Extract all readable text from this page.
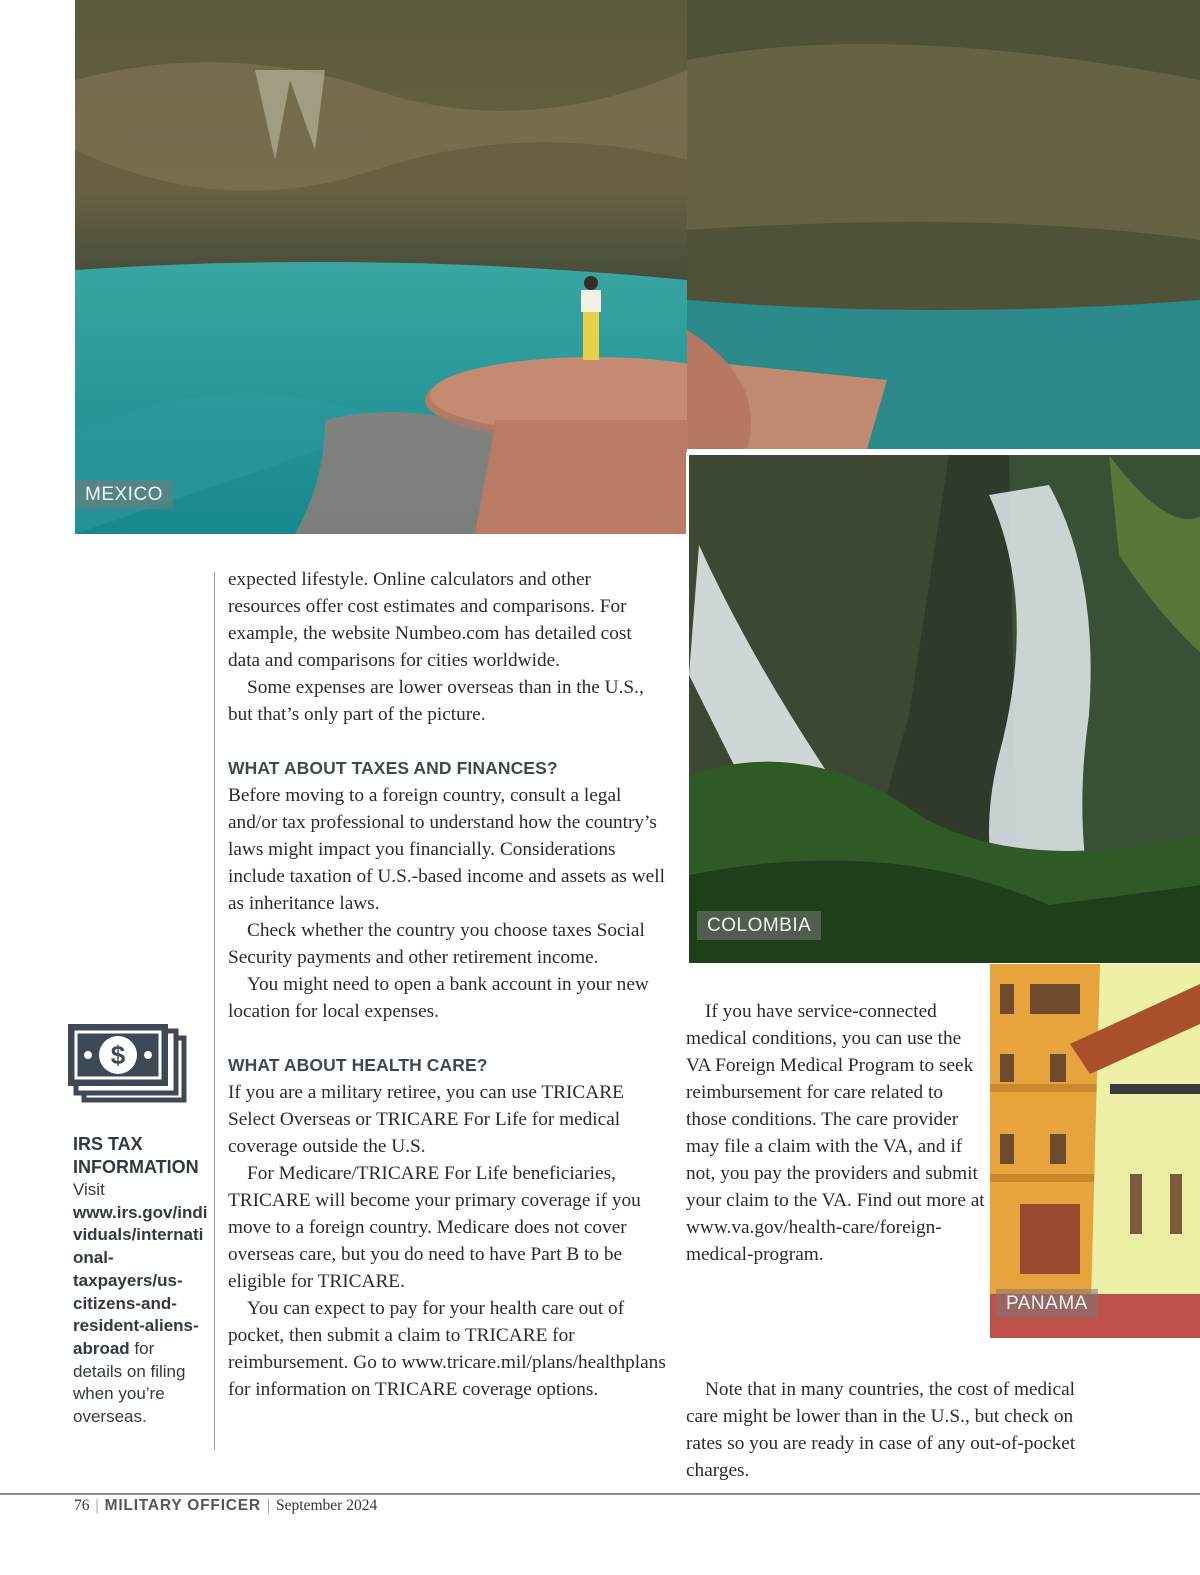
MEXICO
COLOMBIA
PANAMA

expected lifestyle. Online calculators and other resources offer cost estimates and comparisons. For example, the website Numbeo.com has detailed cost data and comparisons for cities worldwide.

Some expenses are lower overseas than in the U.S., but that’s only part of the picture.

WHAT ABOUT TAXES AND FINANCES?

Before moving to a foreign country, consult a legal and/or tax professional to understand how the country’s laws might impact you financially. Considerations include taxation of U.S.-based income and assets as well as inheritance laws.

Check whether the country you choose taxes Social Security payments and other retirement income.

You might need to open a bank account in your new location for local expenses.

WHAT ABOUT HEALTH CARE?

If you are a military retiree, you can use TRICARE Select Overseas or TRICARE For Life for medical coverage outside the U.S.

For Medicare/TRICARE For Life beneficiaries, TRICARE will become your primary coverage if you move to a foreign country. Medicare does not cover overseas care, but you do need to have Part B to be eligible for TRICARE.

You can expect to pay for your health care out of pocket, then submit a claim to TRICARE for reimbursement. Go to www.tricare.mil/plans/healthplans for information on TRICARE coverage options.

If you have service-connected medical conditions, you can use the VA Foreign Medical Program to seek reimbursement for care related to those conditions. The care provider may file a claim with the VA, and if not, you pay the providers and submit your claim to the VA. Find out more at www.va.gov/health-care/foreign-medical-program.

Note that in many countries, the cost of medical care might be lower than in the U.S., but check on rates so you are ready in case of any out-of-pocket charges.

$
IRS TAX INFORMATION
Visit www.irs.gov/individuals/international-taxpayers/us-citizens-and-resident-aliens-abroad for details on filing when you’re overseas.
76 | MILITARY OFFICER | September 2024
